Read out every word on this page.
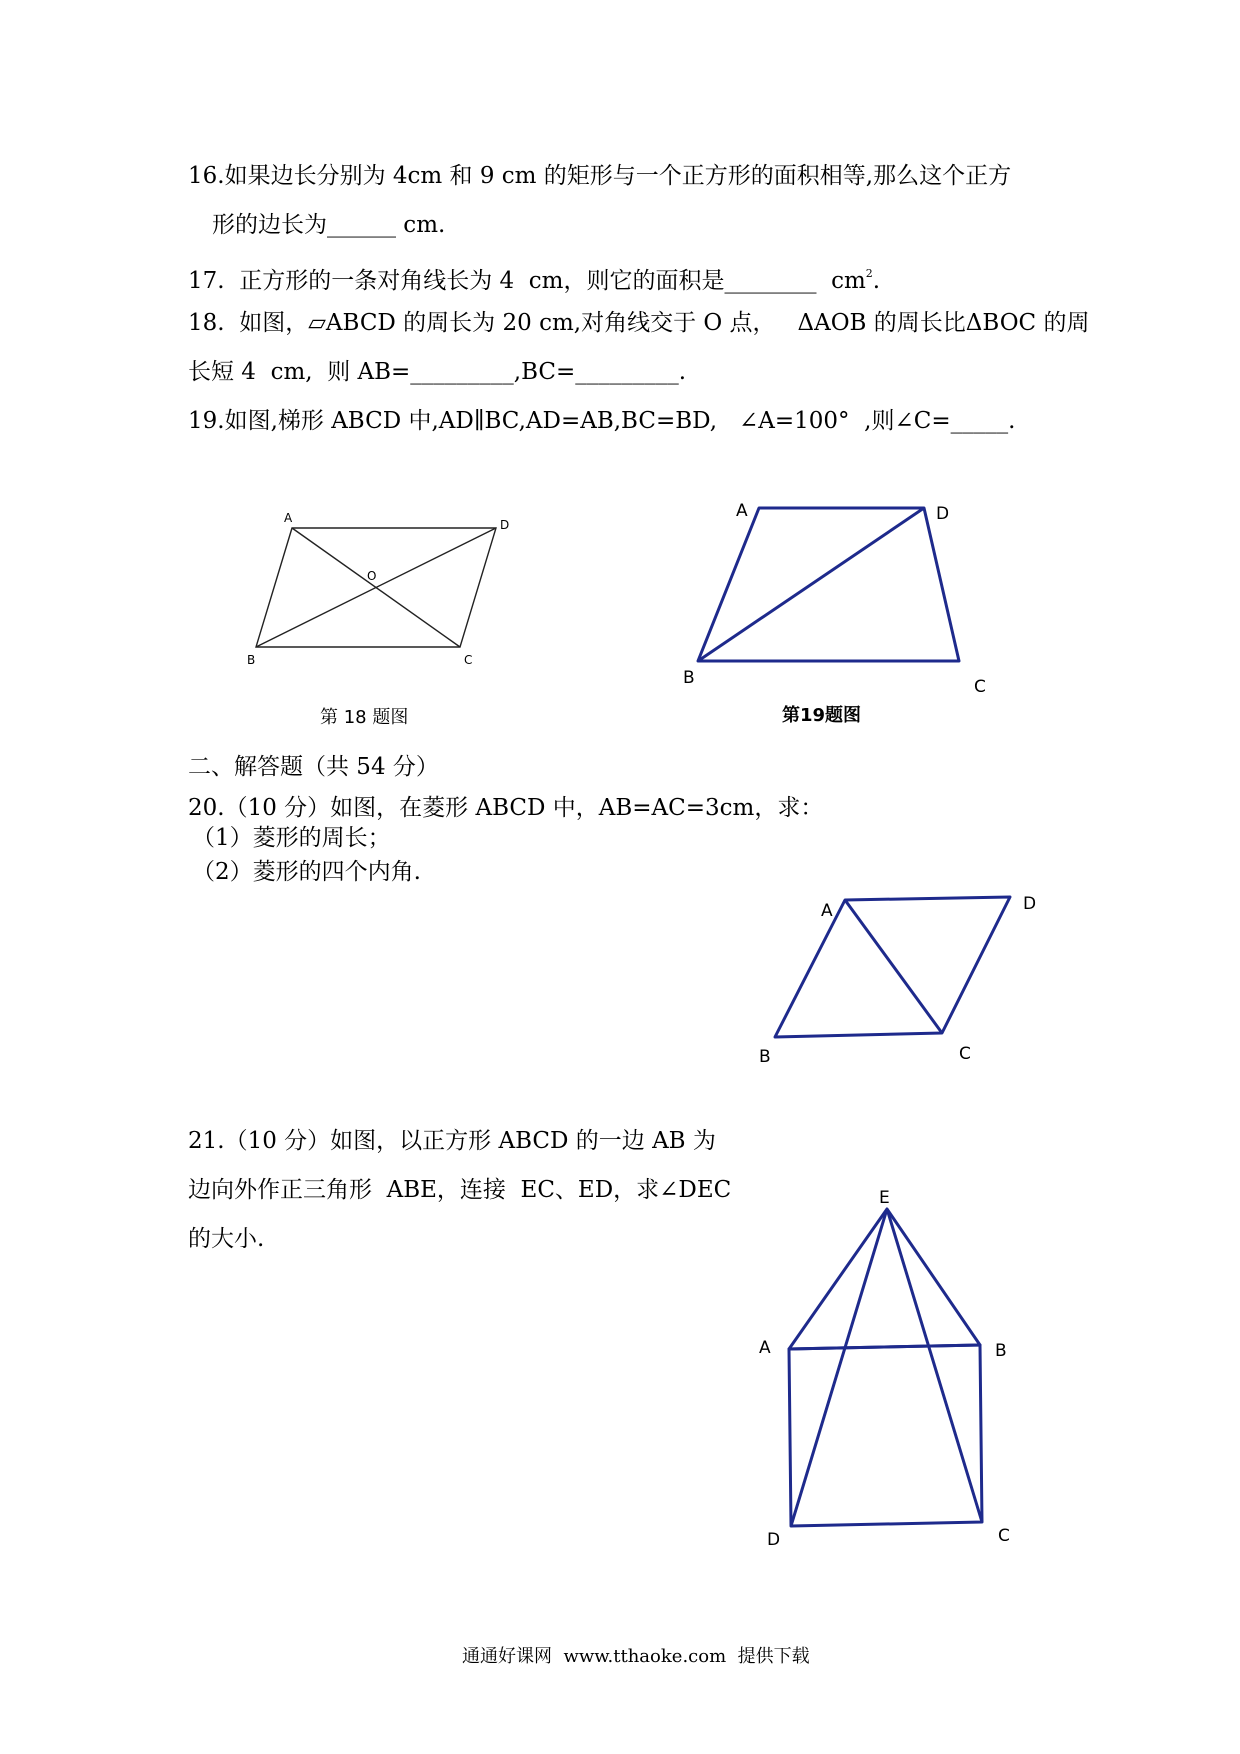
16.如果边长分别为 4cm 和 9 cm 的矩形与一个正方形的面积相等,那么这个正方
形的边长为______ cm.
17.  正方形的一条对角线长为 4  cm，则它的面积是________  $cm^2$.
18.  如图，▱ABCD 的周长为 20 cm,对角线交于 O 点，   ΔAOB 的周长比ΔBOC 的周
长短 4  cm,  则 AB=_________,BC=_________.
19.如图,梯形 ABCD 中,AD∥BC,AD=AB,BC=BD,   ∠A=100°  ,则∠C=_____.
A	D
O
B	C
A	D
B	C
A	D
B	C
E
A	B
D	C
第 18 题图	第19题图
二、解答题（共 54 分）
20.（10 分）如图，在菱形 ABCD 中，AB=AC=3cm，求：
（1）菱形的周长；
（2）菱形的四个内角.
21.（10 分）如图，以正方形 ABCD 的一边 AB 为
边向外作正三角形  ABE，连接  EC、ED，求∠DEC
的大小.
通通好课网  www.tthaoke.com  提供下载
